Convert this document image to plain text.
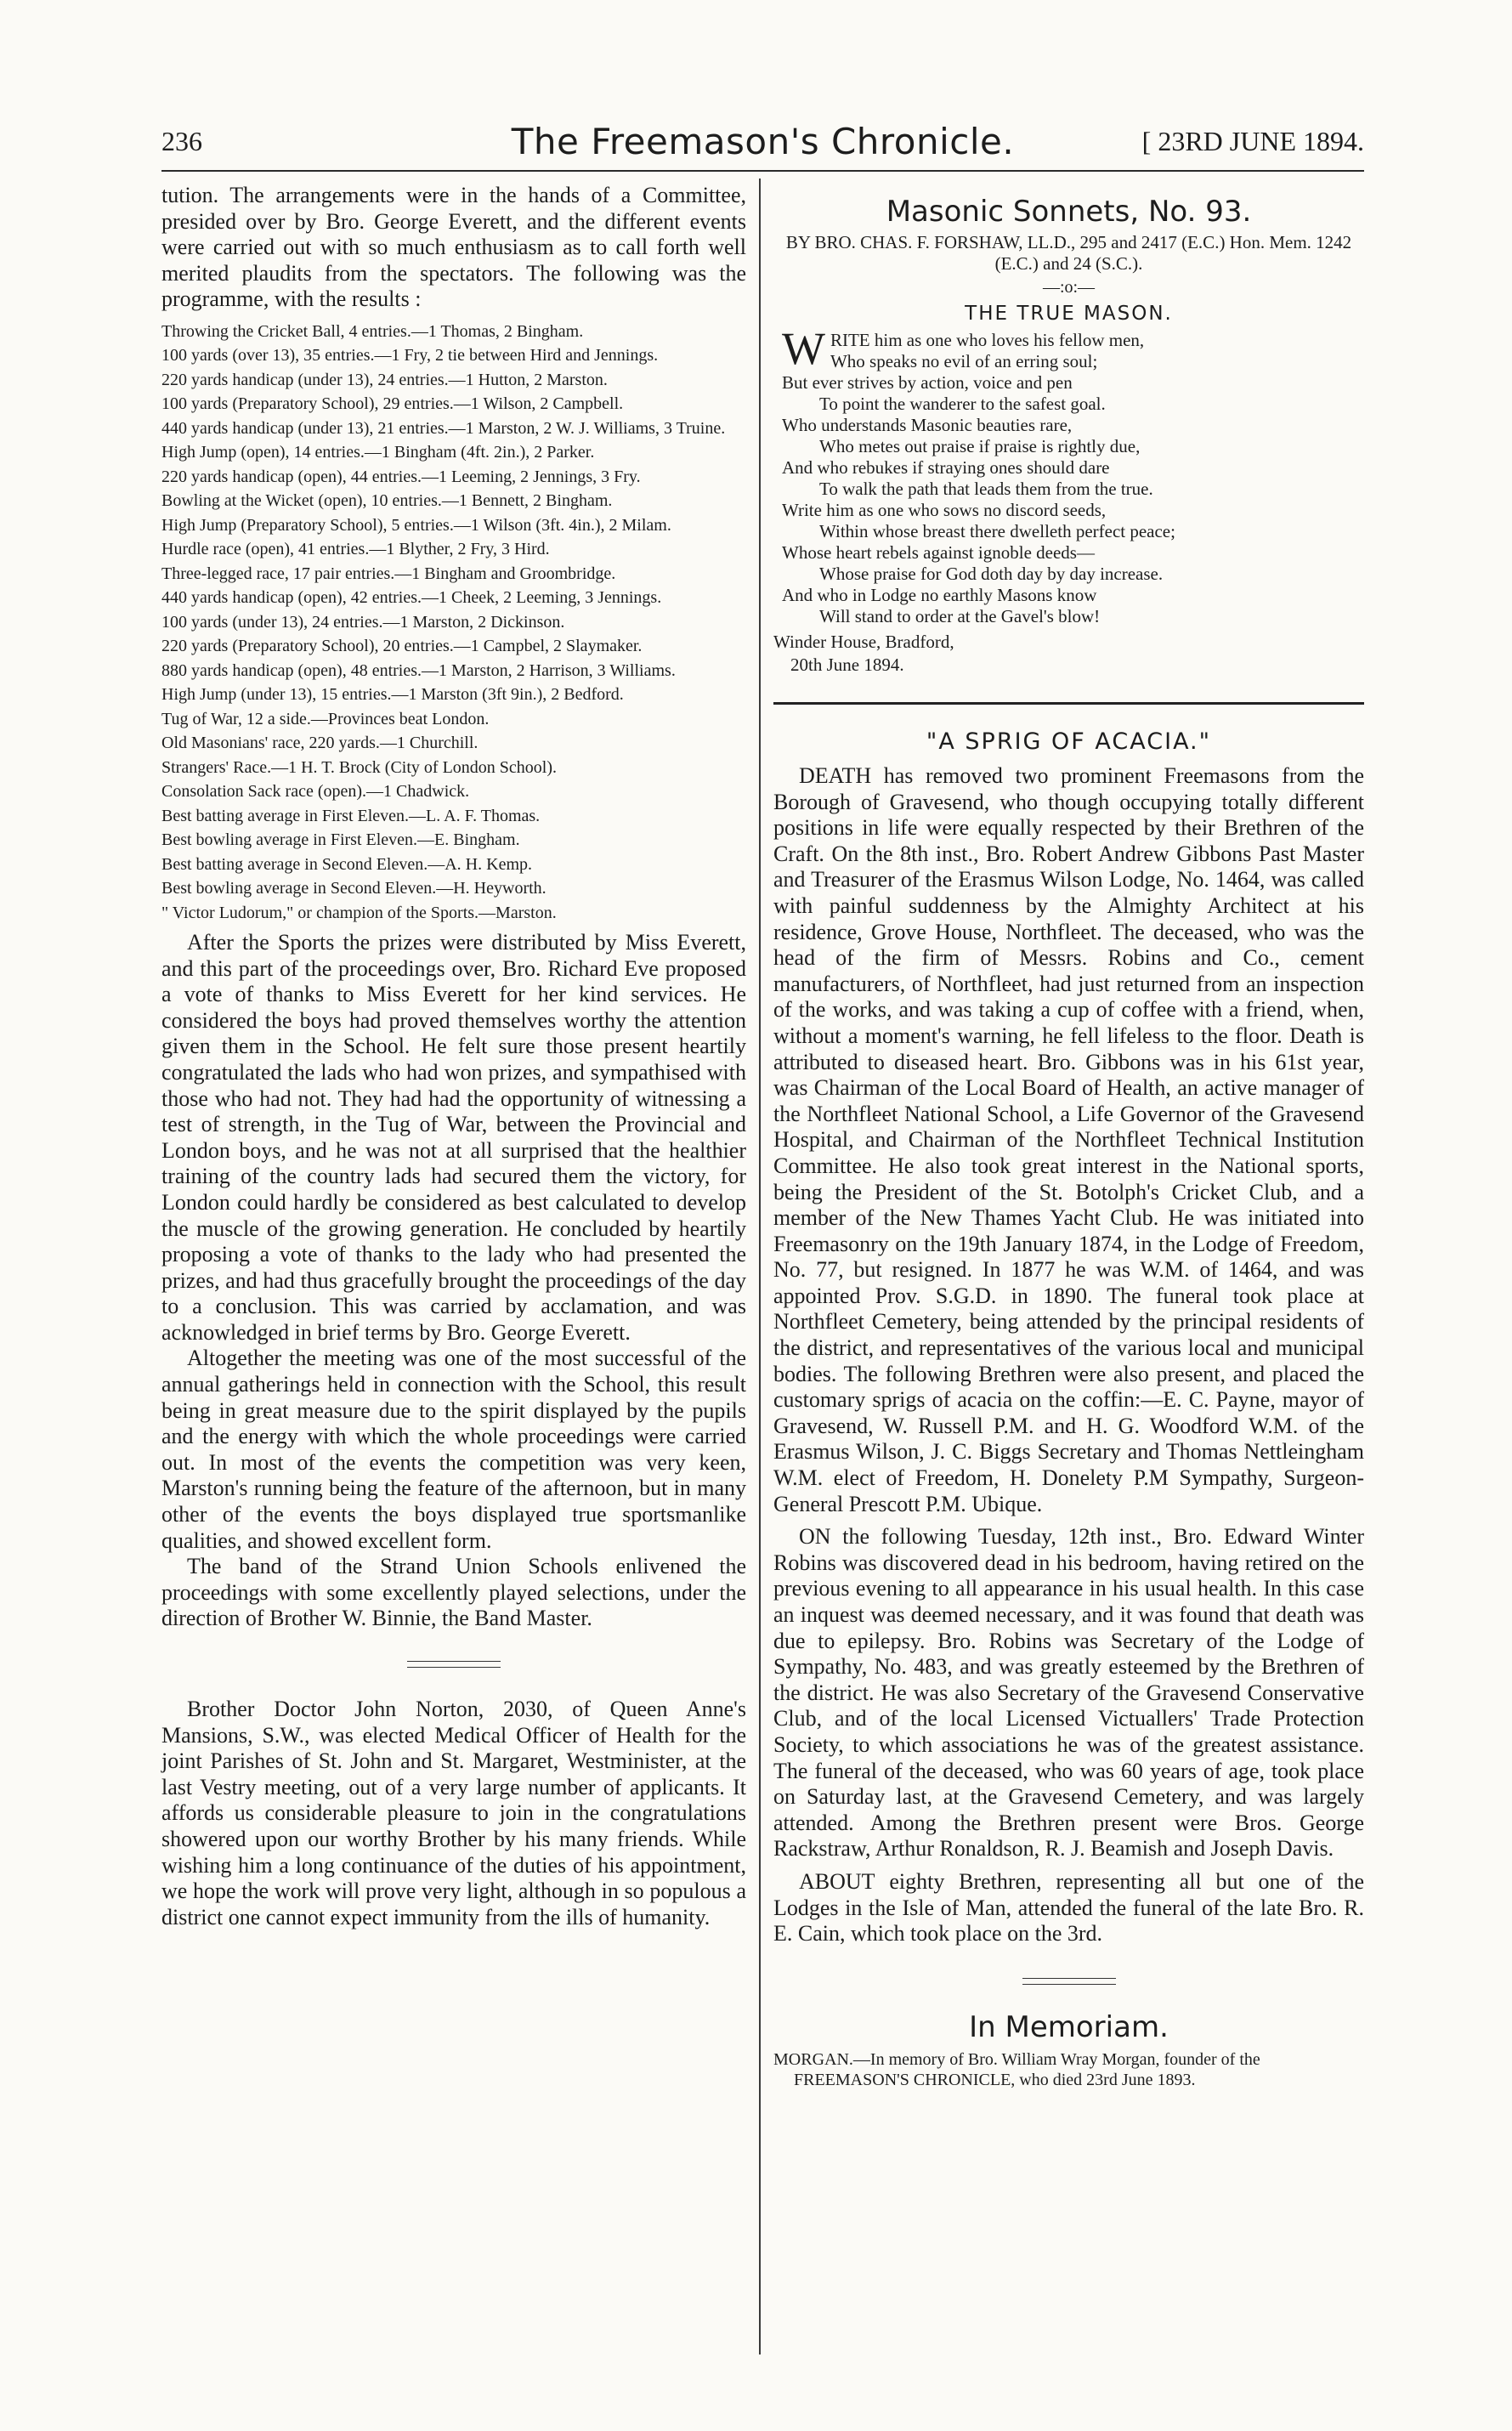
236	The Freemason's Chronicle.	[ 23RD JUNE 1894.

tution. The arrangements were in the hands of a Committee, presided over by Bro. George Everett, and the different events were carried out with so much enthusiasm as to call forth well merited plaudits from the spectators. The following was the programme, with the results :

Throwing the Cricket Ball, 4 entries.—1 Thomas, 2 Bingham.
100 yards (over 13), 35 entries.—1 Fry, 2 tie between Hird and Jennings.
220 yards handicap (under 13), 24 entries.—1 Hutton, 2 Marston.
100 yards (Preparatory School), 29 entries.—1 Wilson, 2 Campbell.
440 yards handicap (under 13), 21 entries.—1 Marston, 2 W. J. Williams, 3 Truine.
High Jump (open), 14 entries.—1 Bingham (4ft. 2in.), 2 Parker.
220 yards handicap (open), 44 entries.—1 Leeming, 2 Jennings, 3 Fry.
Bowling at the Wicket (open), 10 entries.—1 Bennett, 2 Bingham.
High Jump (Preparatory School), 5 entries.—1 Wilson (3ft. 4in.), 2 Milam.
Hurdle race (open), 41 entries.—1 Blyther, 2 Fry, 3 Hird.
Three-legged race, 17 pair entries.—1 Bingham and Groombridge.
440 yards handicap (open), 42 entries.—1 Cheek, 2 Leeming, 3 Jennings.
100 yards (under 13), 24 entries.—1 Marston, 2 Dickinson.
220 yards (Preparatory School), 20 entries.—1 Campbel, 2 Slaymaker.
880 yards handicap (open), 48 entries.—1 Marston, 2 Harrison, 3 Williams.
High Jump (under 13), 15 entries.—1 Marston (3ft 9in.), 2 Bedford.
Tug of War, 12 a side.—Provinces beat London.
Old Masonians' race, 220 yards.—1 Churchill.
Strangers' Race.—1 H. T. Brock (City of London School).
Consolation Sack race (open).—1 Chadwick.
Best batting average in First Eleven.—L. A. F. Thomas.
Best bowling average in First Eleven.—E. Bingham.
Best batting average in Second Eleven.—A. H. Kemp.
Best bowling average in Second Eleven.—H. Heyworth.
" Victor Ludorum," or champion of the Sports.—Marston.

After the Sports the prizes were distributed by Miss Everett, and this part of the proceedings over, Bro. Richard Eve proposed a vote of thanks to Miss Everett for her kind services. He considered the boys had proved themselves worthy the attention given them in the School. He felt sure those present heartily congratulated the lads who had won prizes, and sympathised with those who had not. They had had the opportunity of witnessing a test of strength, in the Tug of War, between the Provincial and London boys, and he was not at all surprised that the healthier training of the country lads had secured them the victory, for London could hardly be considered as best calculated to develop the muscle of the growing generation. He concluded by heartily proposing a vote of thanks to the lady who had presented the prizes, and had thus gracefully brought the proceedings of the day to a conclusion. This was carried by acclamation, and was acknowledged in brief terms by Bro. George Everett.

Altogether the meeting was one of the most successful of the annual gatherings held in connection with the School, this result being in great measure due to the spirit displayed by the pupils and the energy with which the whole proceedings were carried out. In most of the events the competition was very keen, Marston's running being the feature of the afternoon, but in many other of the events the boys displayed true sportsmanlike qualities, and showed excellent form.

The band of the Strand Union Schools enlivened the proceedings with some excellently played selections, under the direction of Brother W. Binnie, the Band Master.

Brother Doctor John Norton, 2030, of Queen Anne's Mansions, S.W., was elected Medical Officer of Health for the joint Parishes of St. John and St. Margaret, Westminister, at the last Vestry meeting, out of a very large number of applicants. It affords us considerable pleasure to join in the congratulations showered upon our worthy Brother by his many friends. While wishing him a long continuance of the duties of his appointment, we hope the work will prove very light, although in so populous a district one cannot expect immunity from the ills of humanity.

Masonic Sonnets, No. 93.
BY BRO. CHAS. F. FORSHAW, LL.D., 295 and 2417 (E.C.) Hon. Mem. 1242 (E.C.) and 24 (S.C.).
—:o:—
THE TRUE MASON.
W RITE him as one who loves his fellow men,
Who speaks no evil of an erring soul;
But ever strives by action, voice and pen
To point the wanderer to the safest goal.
Who understands Masonic beauties rare,
Who metes out praise if praise is rightly due,
And who rebukes if straying ones should dare
To walk the path that leads them from the true.
Write him as one who sows no discord seeds,
Within whose breast there dwelleth perfect peace;
Whose heart rebels against ignoble deeds—
Whose praise for God doth day by day increase.
And who in Lodge no earthly Masons know
Will stand to order at the Gavel's blow!
Winder House, Bradford,
20th June 1894.
"A SPRIG OF ACACIA."

DEATH has removed two prominent Freemasons from the Borough of Gravesend, who though occupying totally different positions in life were equally respected by their Brethren of the Craft. On the 8th inst., Bro. Robert Andrew Gibbons Past Master and Treasurer of the Erasmus Wilson Lodge, No. 1464, was called with painful suddenness by the Almighty Architect at his residence, Grove House, Northfleet. The deceased, who was the head of the firm of Messrs. Robins and Co., cement manufacturers, of Northfleet, had just returned from an inspection of the works, and was taking a cup of coffee with a friend, when, without a moment's warning, he fell lifeless to the floor. Death is attributed to diseased heart. Bro. Gibbons was in his 61st year, was Chairman of the Local Board of Health, an active manager of the Northfleet National School, a Life Governor of the Gravesend Hospital, and Chairman of the Northfleet Technical Institution Committee. He also took great interest in the National sports, being the President of the St. Botolph's Cricket Club, and a member of the New Thames Yacht Club. He was initiated into Freemasonry on the 19th January 1874, in the Lodge of Freedom, No. 77, but resigned. In 1877 he was W.M. of 1464, and was appointed Prov. S.G.D. in 1890. The funeral took place at Northfleet Cemetery, being attended by the principal residents of the district, and representatives of the various local and municipal bodies. The following Brethren were also present, and placed the customary sprigs of acacia on the coffin:—E. C. Payne, mayor of Gravesend, W. Russell P.M. and H. G. Woodford W.M. of the Erasmus Wilson, J. C. Biggs Secretary and Thomas Nettleingham W.M. elect of Freedom, H. Donelety P.M Sympathy, Surgeon-General Prescott P.M. Ubique.

ON the following Tuesday, 12th inst., Bro. Edward Winter Robins was discovered dead in his bedroom, having retired on the previous evening to all appearance in his usual health. In this case an inquest was deemed necessary, and it was found that death was due to epilepsy. Bro. Robins was Secretary of the Lodge of Sympathy, No. 483, and was greatly esteemed by the Brethren of the district. He was also Secretary of the Gravesend Conservative Club, and of the local Licensed Victuallers' Trade Protection Society, to which associations he was of the greatest assistance. The funeral of the deceased, who was 60 years of age, took place on Saturday last, at the Gravesend Cemetery, and was largely attended. Among the Brethren present were Bros. George Rackstraw, Arthur Ronaldson, R. J. Beamish and Joseph Davis.

ABOUT eighty Brethren, representing all but one of the Lodges in the Isle of Man, attended the funeral of the late Bro. R. E. Cain, which took place on the 3rd.

In Memoriam.
MORGAN.—In memory of Bro. William Wray Morgan, founder of the FREEMASON'S CHRONICLE, who died 23rd June 1893.
